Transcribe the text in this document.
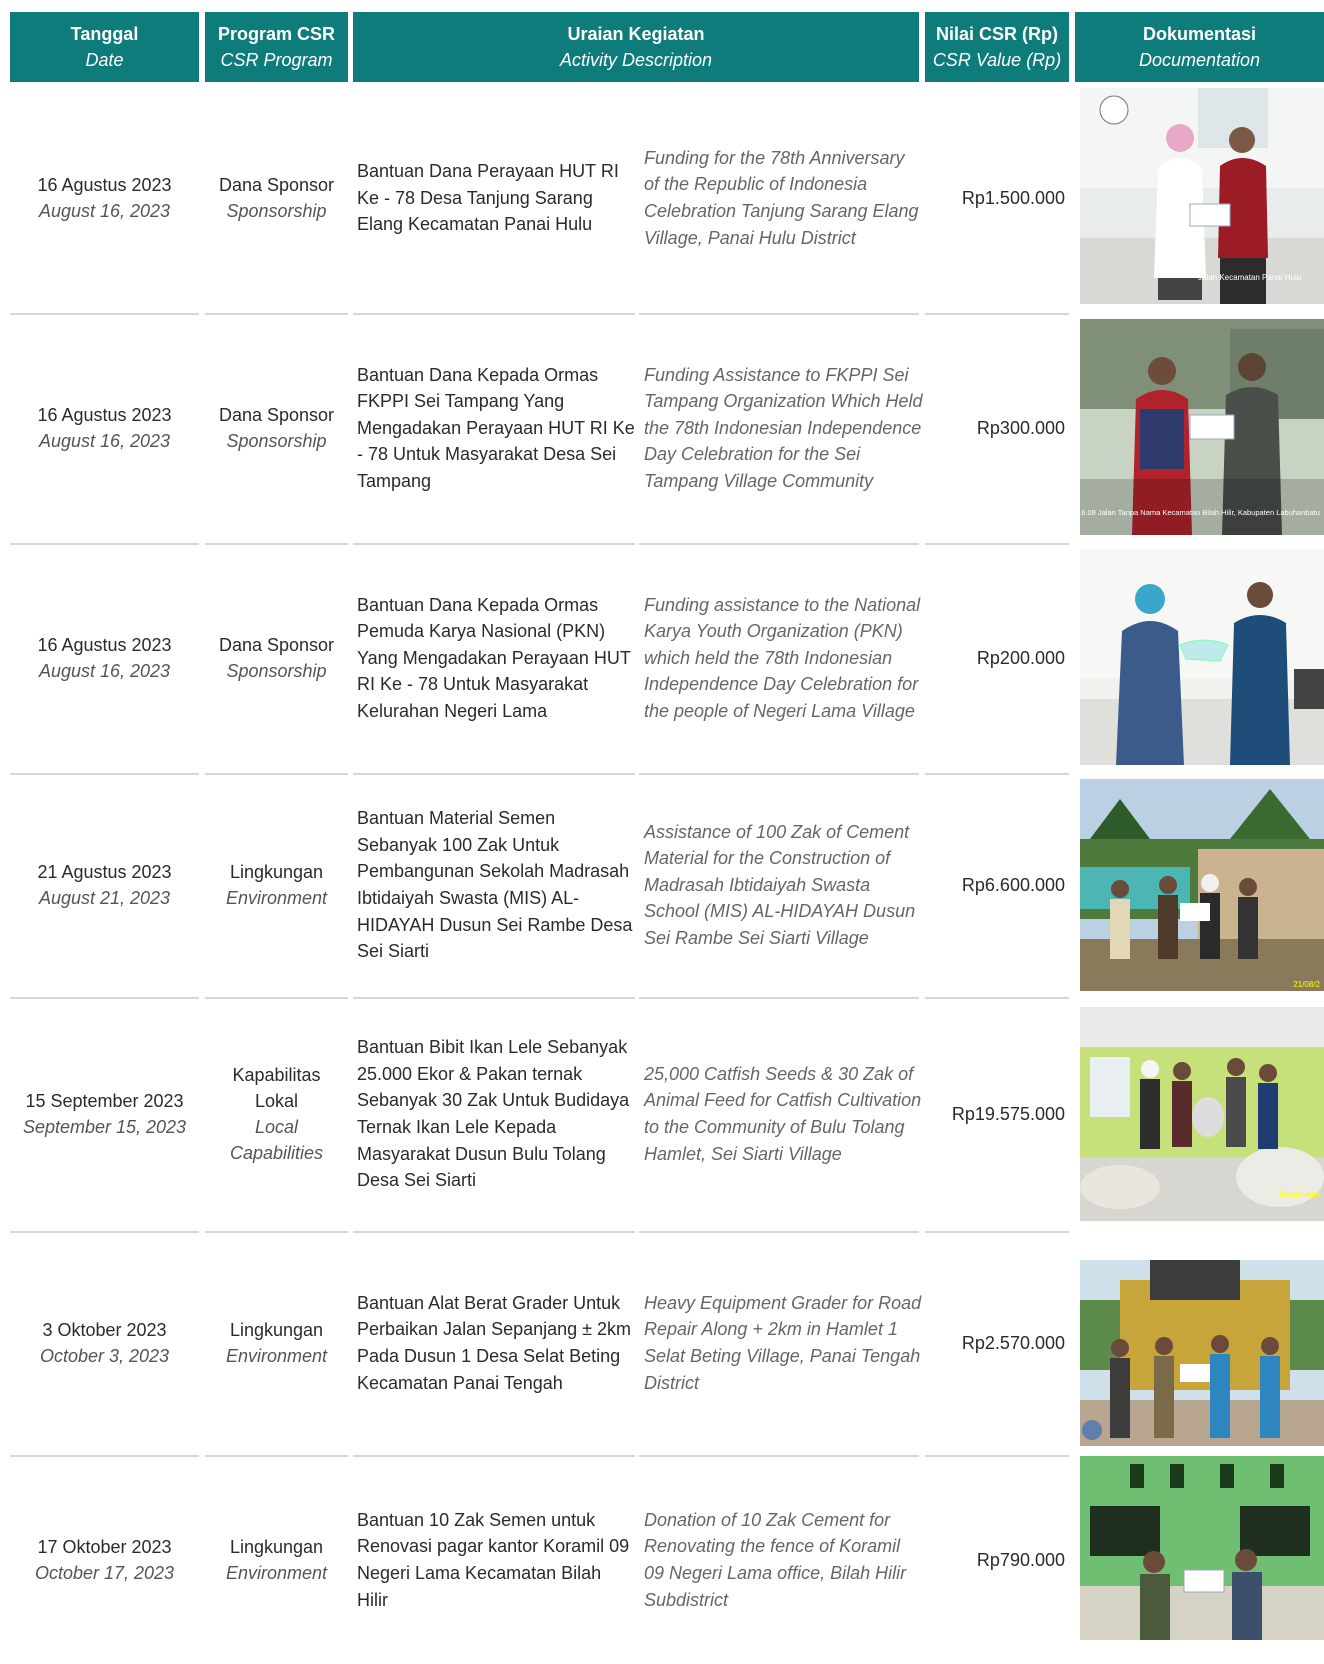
Tanggal
Date
Program CSR
CSR Program
Uraian Kegiatan
Activity Description
Nilai CSR (Rp)
CSR Value (Rp)
Dokumentasi
Documentation
16 Agustus 2023
August 16, 2023
Dana Sponsor
Sponsorship
Bantuan Dana Perayaan HUT RI Ke - 78 Desa Tanjung Sarang Elang Kecamatan Panai Hulu
Funding for the 78th Anniversary of the Republic of Indonesia Celebration Tanjung Sarang Elang Village, Panai Hulu District
Rp1.500.000
Jalan Kecamatan Panai Hulu
16 Agustus 2023
August 16, 2023
Dana Sponsor
Sponsorship
Bantuan Dana Kepada Ormas FKPPI Sei Tampang Yang Mengadakan Perayaan HUT RI Ke - 78 Untuk Masyarakat Desa Sei Tampang
Funding Assistance to FKPPI Sei Tampang Organization Which Held the 78th Indonesian Independence Day Celebration for the Sei Tampang Village Community
Rp300.000
16 Agu 2023 16.08 Jalan Tanpa Nama Kecamatan Bilah Hilir, Kabupaten Labuhanbatu
16 Agustus 2023
August 16, 2023
Dana Sponsor
Sponsorship
Bantuan Dana Kepada Ormas Pemuda Karya Nasional (PKN) Yang Mengadakan Perayaan HUT RI Ke - 78 Untuk Masyarakat Kelurahan Negeri Lama
Funding assistance to the National Karya Youth Organization (PKN) which held the 78th Indonesian Independence Day Celebration for the people of Negeri Lama Village
Rp200.000
21 Agustus 2023
August 21, 2023
Lingkungan
Environment
Bantuan Material Semen Sebanyak 100 Zak Untuk Pembangunan Sekolah Madrasah Ibtidaiyah Swasta (MIS) AL-HIDAYAH Dusun Sei Rambe Desa Sei Siarti
Assistance of 100 Zak of Cement Material for the Construction of Madrasah Ibtidaiyah Swasta School (MIS) AL-HIDAYAH Dusun Sei Rambe Sei Siarti Village
Rp6.600.000
21/08/2
15 September 2023
September 15, 2023
Kapabilitas Lokal
Local Capabilities
Bantuan Bibit Ikan Lele Sebanyak 25.000 Ekor & Pakan ternak Sebanyak 30 Zak Untuk Budidaya Ternak Ikan Lele Kepada Masyarakat Dusun Bulu Tolang Desa Sei Siarti
25,000 Catfish Seeds & 30 Zak of Animal Feed for Catfish Cultivation to the Community of Bulu Tolang Hamlet, Sei Siarti Village
Rp19.575.000
Kecamatan
3 Oktober 2023
October 3, 2023
Lingkungan
Environment
Bantuan Alat Berat Grader Untuk Perbaikan Jalan Sepanjang ± 2km Pada Dusun 1 Desa Selat Beting Kecamatan Panai Tengah
Heavy Equipment Grader for Road Repair Along + 2km in Hamlet 1 Selat Beting Village, Panai Tengah District
Rp2.570.000
17 Oktober 2023
October 17, 2023
Lingkungan
Environment
Bantuan 10 Zak Semen untuk Renovasi pagar kantor Koramil 09 Negeri Lama Kecamatan Bilah Hilir
Donation of 10 Zak Cement for Renovating the fence of Koramil 09 Negeri Lama office, Bilah Hilir Subdistrict
Rp790.000
